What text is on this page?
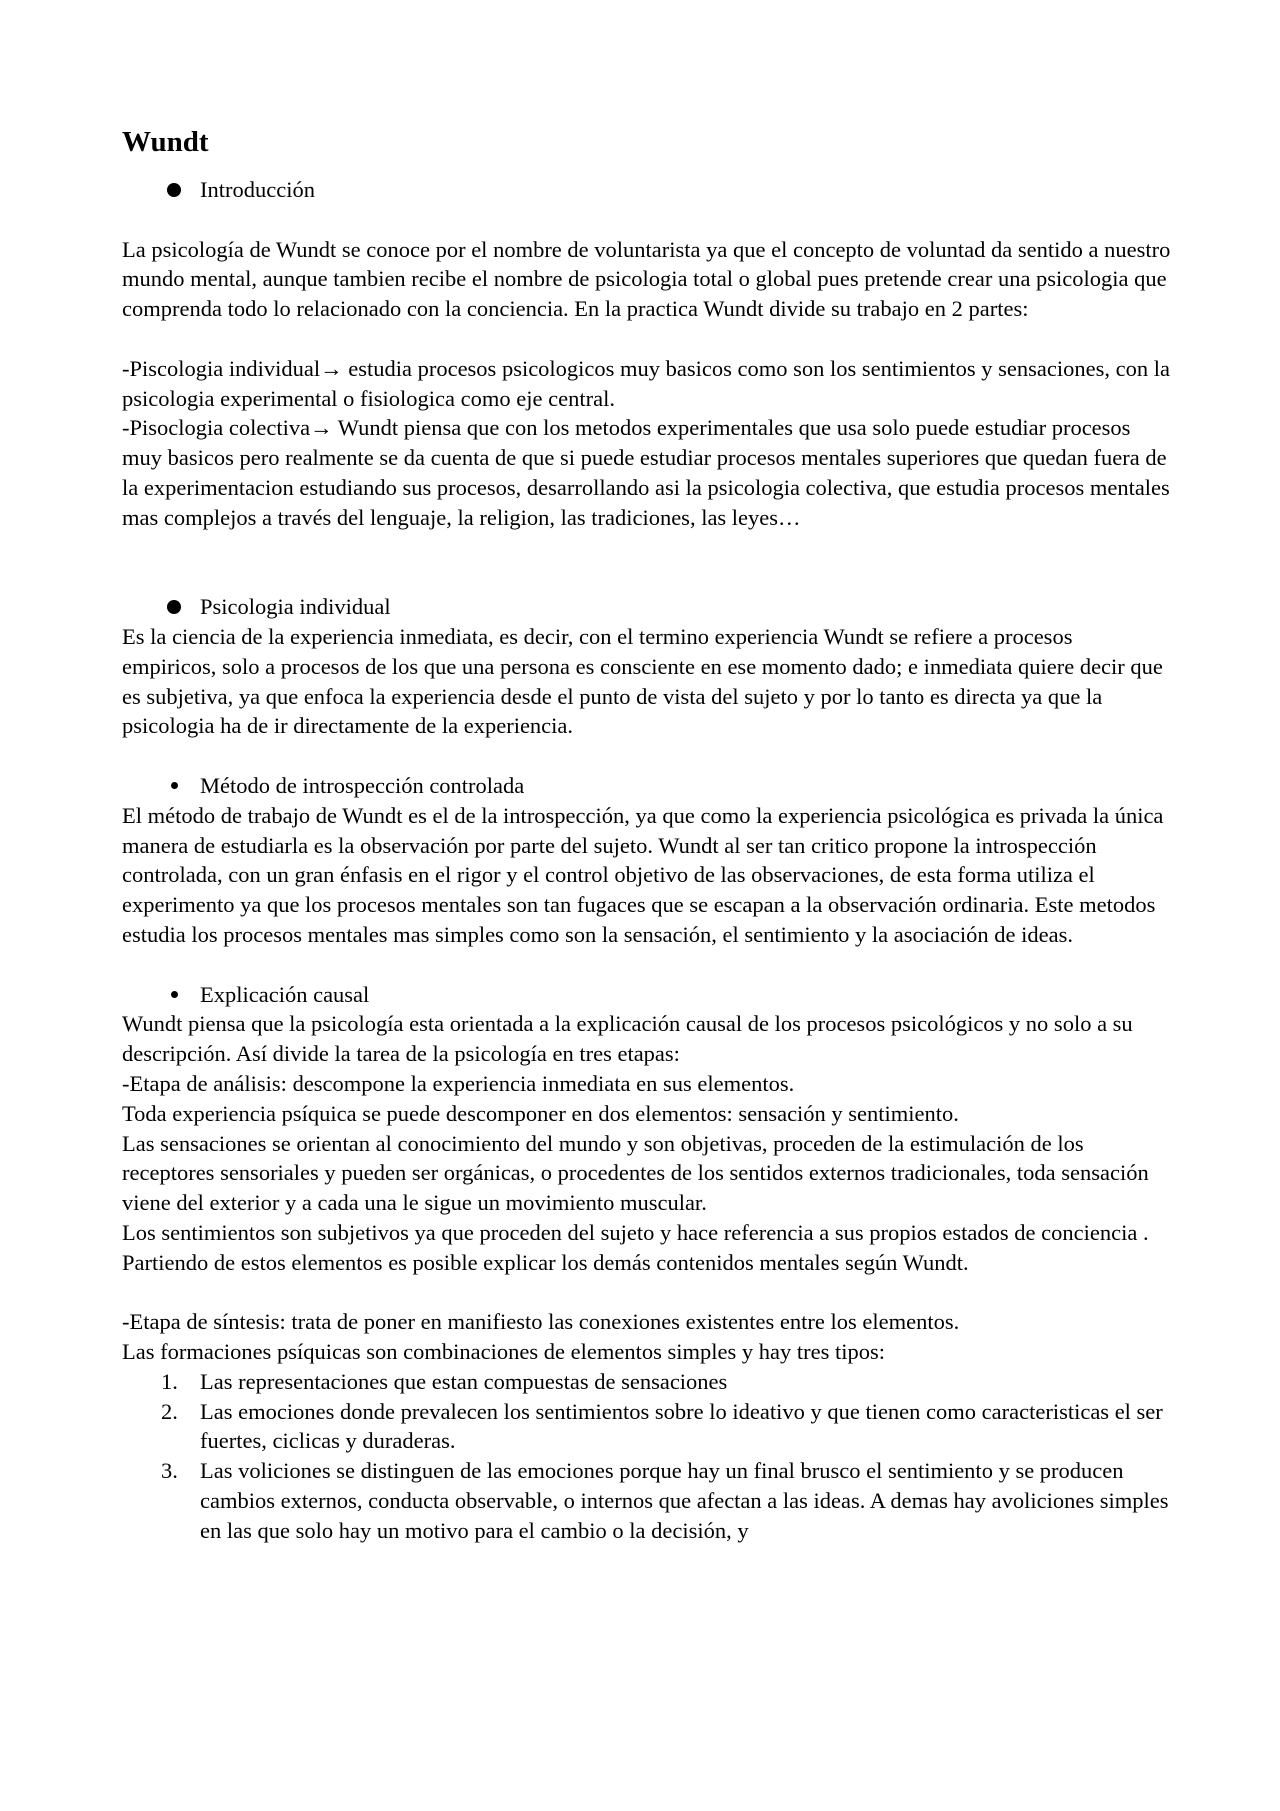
Wundt
Introducción

La psicología de Wundt se conoce por el nombre de voluntarista ya que el concepto de voluntad da sentido a nuestro mundo mental, aunque tambien recibe el nombre de psicologia total o global pues pretende crear una psicologia que comprenda todo lo relacionado con la conciencia. En la practica Wundt divide su trabajo en 2 partes:

-Piscologia individual→ estudia procesos psicologicos muy basicos como son los sentimientos y sensaciones, con la psicologia experimental o fisiologica como eje central.

-Pisoclogia colectiva→ Wundt piensa que con los metodos experimentales que usa solo puede estudiar procesos muy basicos pero realmente se da cuenta de que si puede estudiar procesos mentales superiores que quedan fuera de la experimentacion estudiando sus procesos, desarrollando asi la psicologia colectiva, que estudia procesos mentales mas complejos a través del lenguaje, la religion, las tradiciones, las leyes…

Psicologia individual

Es la ciencia de la experiencia inmediata, es decir, con el termino experiencia Wundt se refiere a procesos empiricos, solo a procesos de los que una persona es consciente en ese momento dado; e inmediata quiere decir que es subjetiva, ya que enfoca la experiencia desde el punto de vista del sujeto y por lo tanto es directa ya que la psicologia ha de ir directamente de la experiencia.

Método de introspección controlada

El método de trabajo de Wundt es el de la introspección, ya que como la experiencia psicológica es privada la única manera de estudiarla es la observación por parte del sujeto. Wundt al ser tan critico propone la introspección controlada, con un gran énfasis en el rigor y el control objetivo de las observaciones, de esta forma utiliza el experimento ya que los procesos mentales son tan fugaces que se escapan a la observación ordinaria. Este metodos estudia los procesos mentales mas simples como son la sensación, el sentimiento y la asociación de ideas.

Explicación causal

Wundt piensa que la psicología esta orientada a la explicación causal de los procesos psicológicos y no solo a su descripción. Así divide la tarea de la psicología en tres etapas:

-Etapa de análisis: descompone la experiencia inmediata en sus elementos.

Toda experiencia psíquica se puede descomponer en dos elementos: sensación y sentimiento.

Las sensaciones se orientan al conocimiento del mundo y son objetivas, proceden de la estimulación de los receptores sensoriales y pueden ser orgánicas, o procedentes de los sentidos externos tradicionales, toda sensación viene del exterior y a cada una le sigue un movimiento muscular.

Los sentimientos son subjetivos ya que proceden del sujeto y hace referencia a sus propios estados de conciencia .

Partiendo de estos elementos es posible explicar los demás contenidos mentales según Wundt.

-Etapa de síntesis: trata de poner en manifiesto las conexiones existentes entre los elementos.

Las formaciones psíquicas son combinaciones de elementos simples y hay tres tipos:

1. Las representaciones que estan compuestas de sensaciones
2. Las emociones donde prevalecen los sentimientos sobre lo ideativo y que tienen como caracteristicas el ser fuertes, ciclicas y duraderas.
3. Las voliciones se distinguen de las emociones porque hay un final brusco el sentimiento y se producen cambios externos, conducta observable, o internos que afectan a las ideas. A demas hay avoliciones simples en las que solo hay un motivo para el cambio o la decisión, y
